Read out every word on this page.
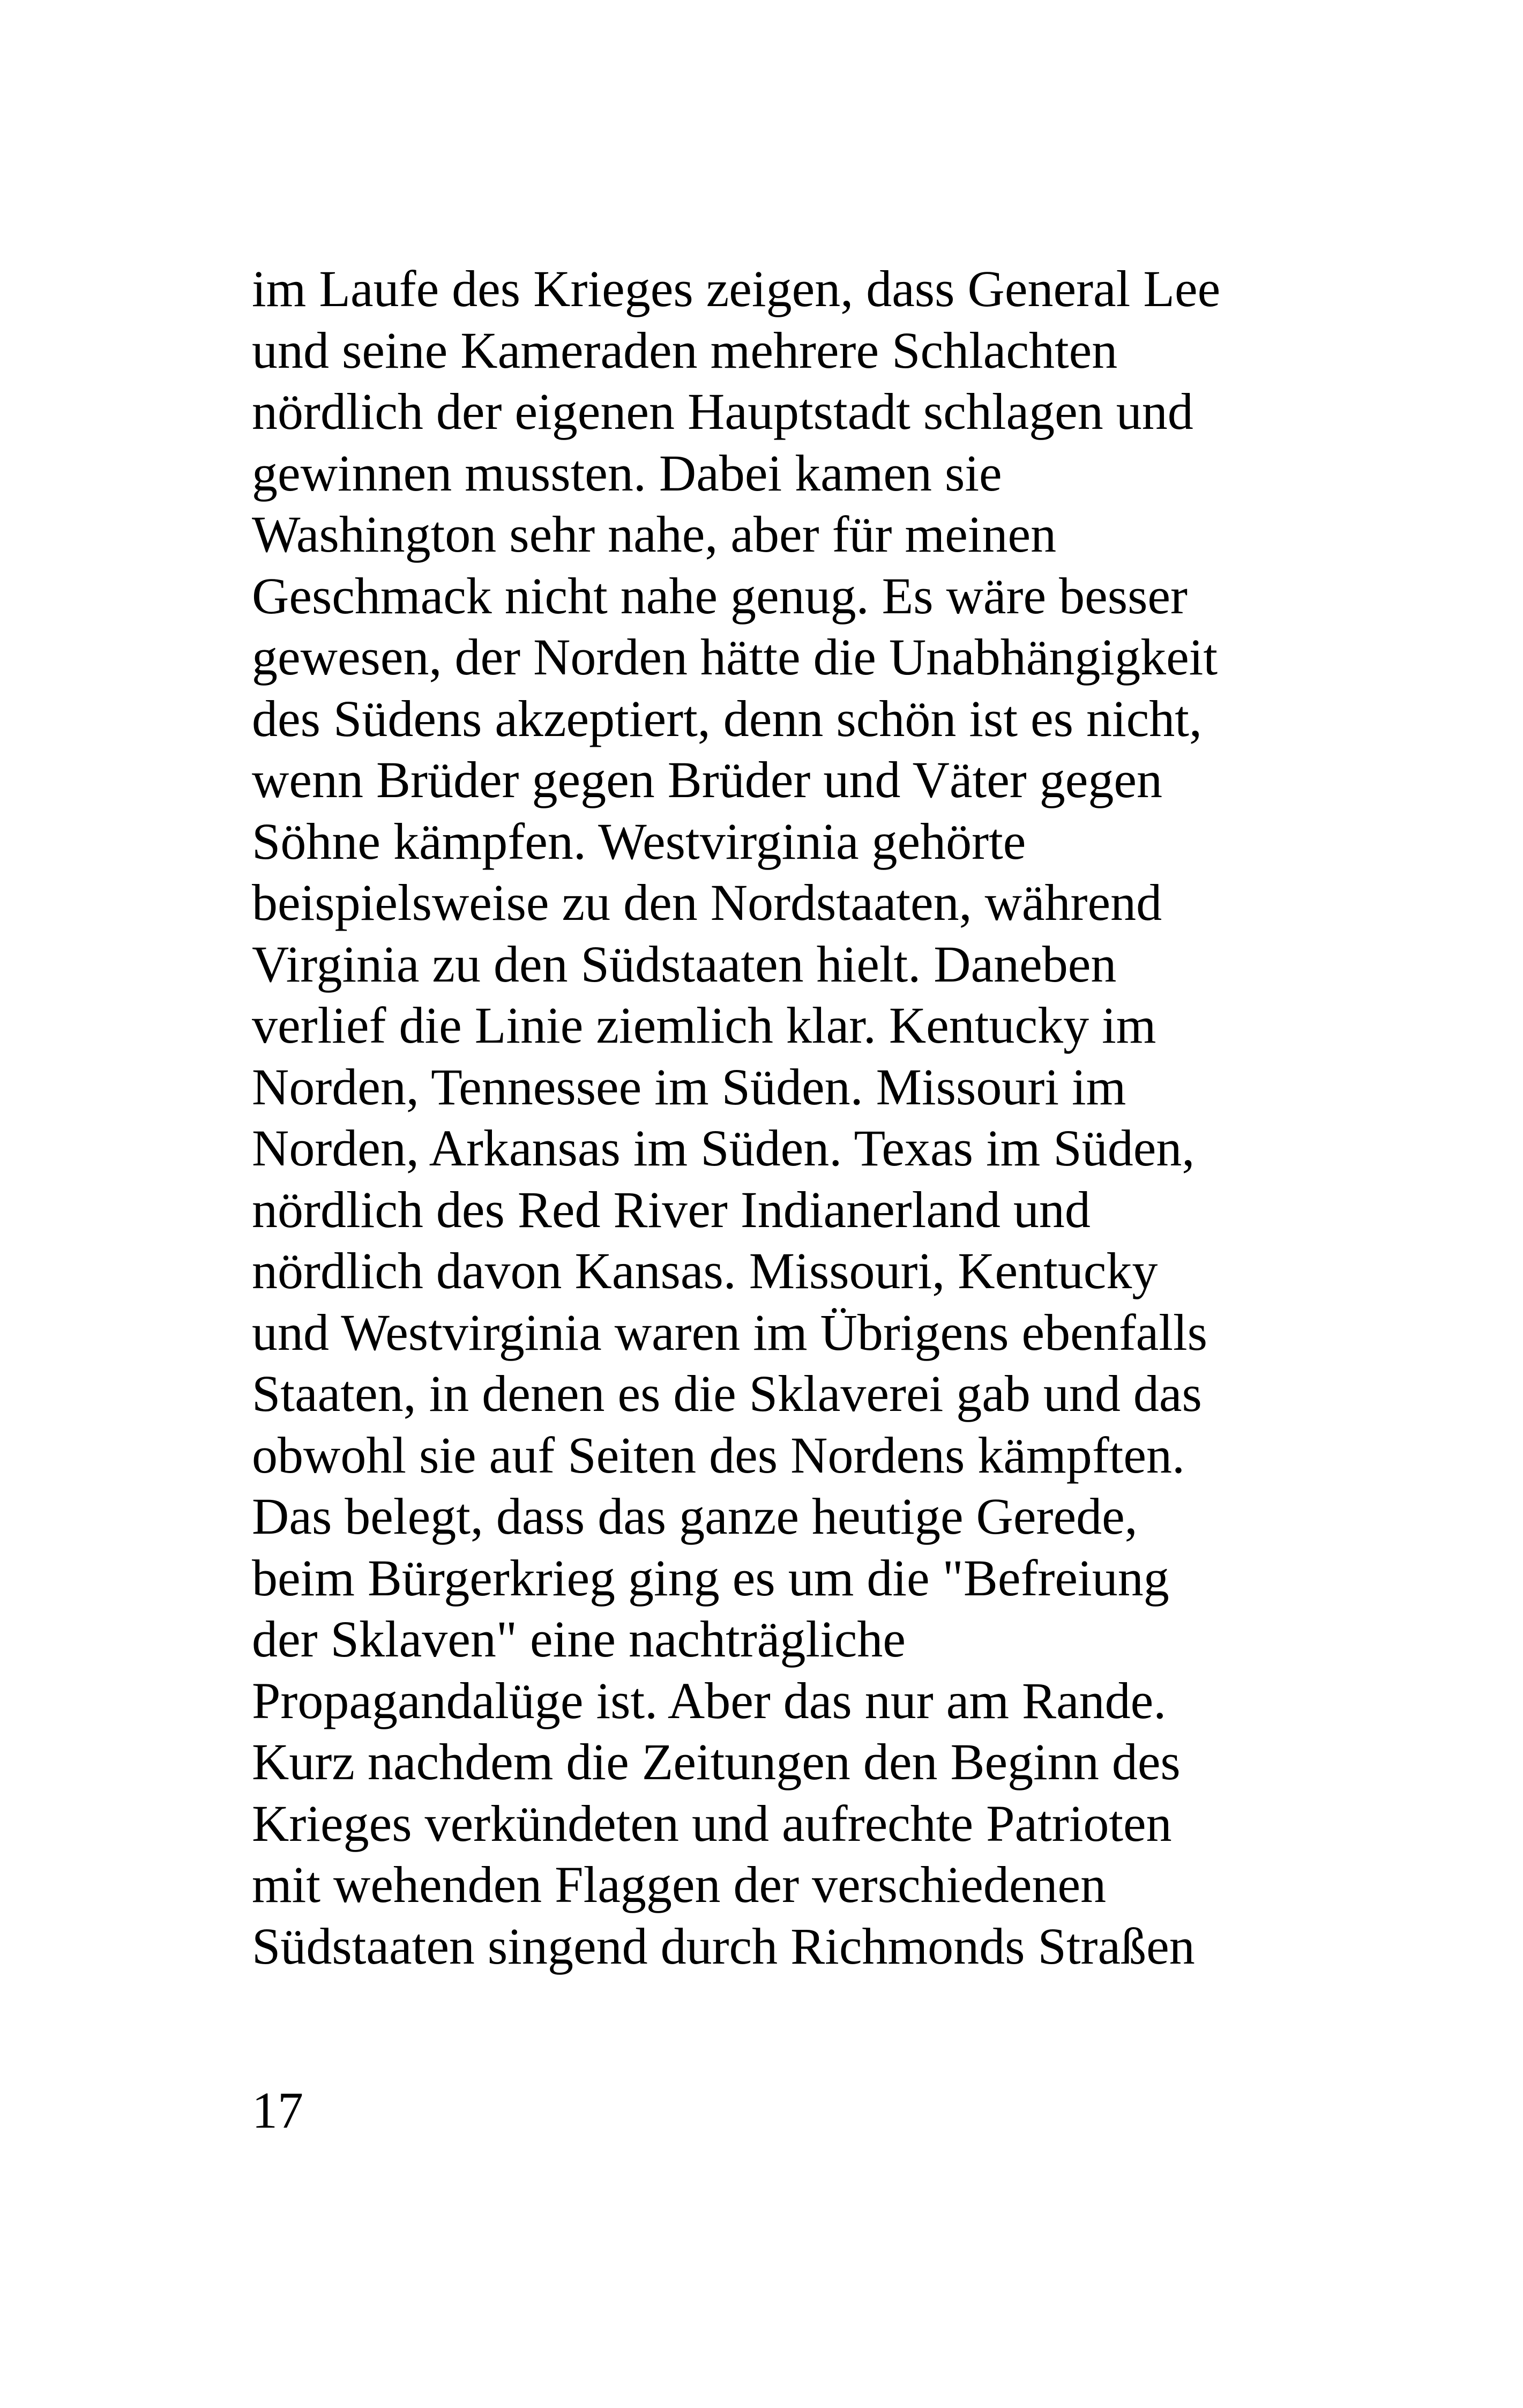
im Laufe des Krieges zeigen, dass General Lee
und seine Kameraden mehrere Schlachten
nördlich der eigenen Hauptstadt schlagen und
gewinnen mussten. Dabei kamen sie
Washington sehr nahe, aber für meinen
Geschmack nicht nahe genug. Es wäre besser
gewesen, der Norden hätte die Unabhängigkeit
des Südens akzeptiert, denn schön ist es nicht,
wenn Brüder gegen Brüder und Väter gegen
Söhne kämpfen. Westvirginia gehörte
beispielsweise zu den Nordstaaten, während
Virginia zu den Südstaaten hielt. Daneben
verlief die Linie ziemlich klar. Kentucky im
Norden, Tennessee im Süden. Missouri im
Norden, Arkansas im Süden. Texas im Süden,
nördlich des Red River Indianerland und
nördlich davon Kansas. Missouri, Kentucky
und Westvirginia waren im Übrigens ebenfalls
Staaten, in denen es die Sklaverei gab und das
obwohl sie auf Seiten des Nordens kämpften.
Das belegt, dass das ganze heutige Gerede,
beim Bürgerkrieg ging es um die "Befreiung
der Sklaven" eine nachträgliche
Propagandalüge ist. Aber das nur am Rande.
Kurz nachdem die Zeitungen den Beginn des
Krieges verkündeten und aufrechte Patrioten
mit wehenden Flaggen der verschiedenen
Südstaaten singend durch Richmonds Straßen
17
